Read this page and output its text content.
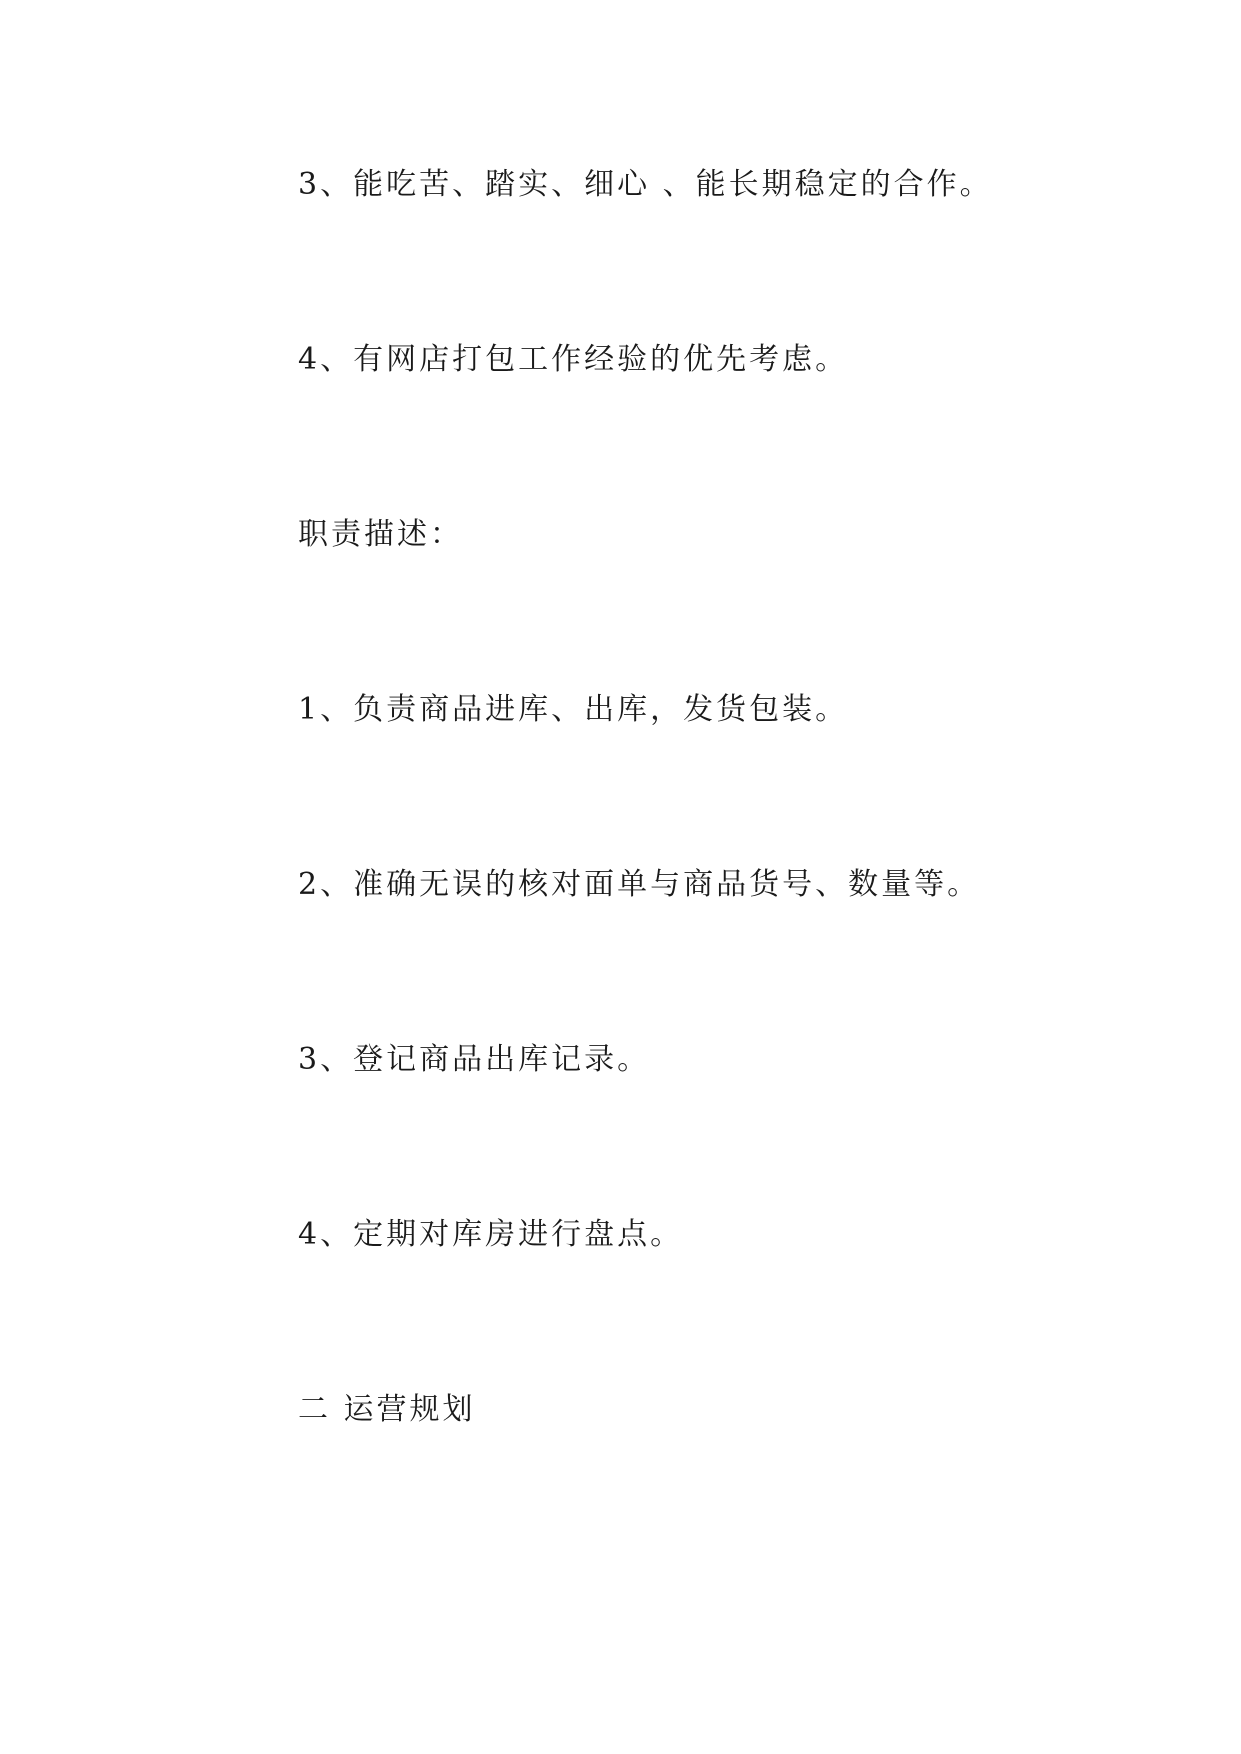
3、能吃苦、踏实、细心 、能长期稳定的合作。
4、有网店打包工作经验的优先考虑。
职责描述：
1、负责商品进库、出库，发货包装。
2、准确无误的核对面单与商品货号、数量等。
3、登记商品出库记录。
4、定期对库房进行盘点。
二 运营规划
